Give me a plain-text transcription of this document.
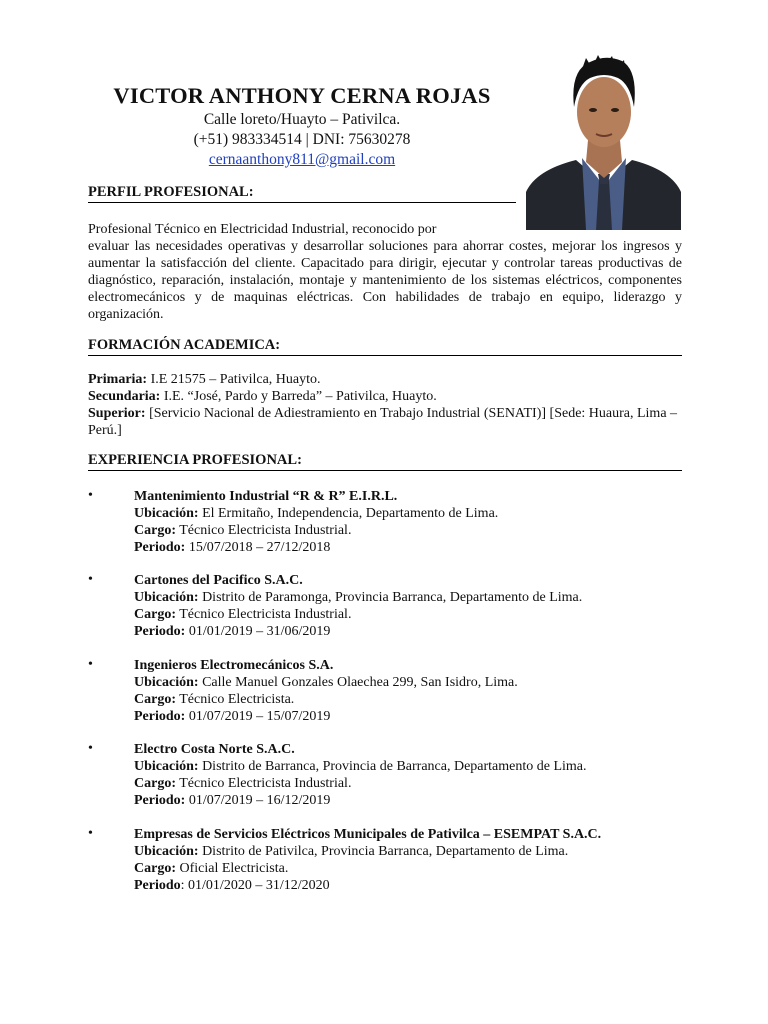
VICTOR ANTHONY CERNA ROJAS
Calle loreto/Huayto – Pativilca.
(+51) 983334514 | DNI: 75630278
cernaanthony811@gmail.com
PERFIL PROFESIONAL:
Profesional Técnico en Electricidad Industrial, reconocido por
evaluar las necesidades operativas y desarrollar soluciones para ahorrar costes, mejorar los ingresos y aumentar la satisfacción del cliente. Capacitado para dirigir, ejecutar y controlar tareas productivas de diagnóstico, reparación, instalación, montaje y mantenimiento de los sistemas eléctricos, componentes electromecánicos y de maquinas eléctricas. Con habilidades de trabajo en equipo, liderazgo y organización.
FORMACIÓN ACADEMICA:
Primaria: I.E 21575 – Pativilca, Huayto.
Secundaria: I.E. “José, Pardo y Barreda” – Pativilca, Huayto.
Superior: [Servicio Nacional de Adiestramiento en Trabajo Industrial (SENATI)] [Sede: Huaura, Lima – Perú.]
EXPERIENCIA PROFESIONAL:
•	Mantenimiento Industrial “R & R” E.I.R.L.
Ubicación: El Ermitaño, Independencia, Departamento de Lima.
Cargo: Técnico Electricista Industrial.
Periodo: 15/07/2018 – 27/12/2018
•	Cartones del Pacifico S.A.C.
Ubicación: Distrito de Paramonga, Provincia Barranca, Departamento de Lima.
Cargo: Técnico Electricista Industrial.
Periodo: 01/01/2019 – 31/06/2019
•	Ingenieros Electromecánicos S.A.
Ubicación: Calle Manuel Gonzales Olaechea 299, San Isidro, Lima.
Cargo: Técnico Electricista.
Periodo: 01/07/2019 – 15/07/2019
•	Electro Costa Norte S.A.C.
Ubicación: Distrito de Barranca, Provincia de Barranca, Departamento de Lima.
Cargo: Técnico Electricista Industrial.
Periodo: 01/07/2019 – 16/12/2019
•	Empresas de Servicios Eléctricos Municipales de Pativilca – ESEMPAT S.A.C.
Ubicación: Distrito de Pativilca, Provincia Barranca, Departamento de Lima.
Cargo: Oficial Electricista.
Periodo: 01/01/2020 – 31/12/2020
